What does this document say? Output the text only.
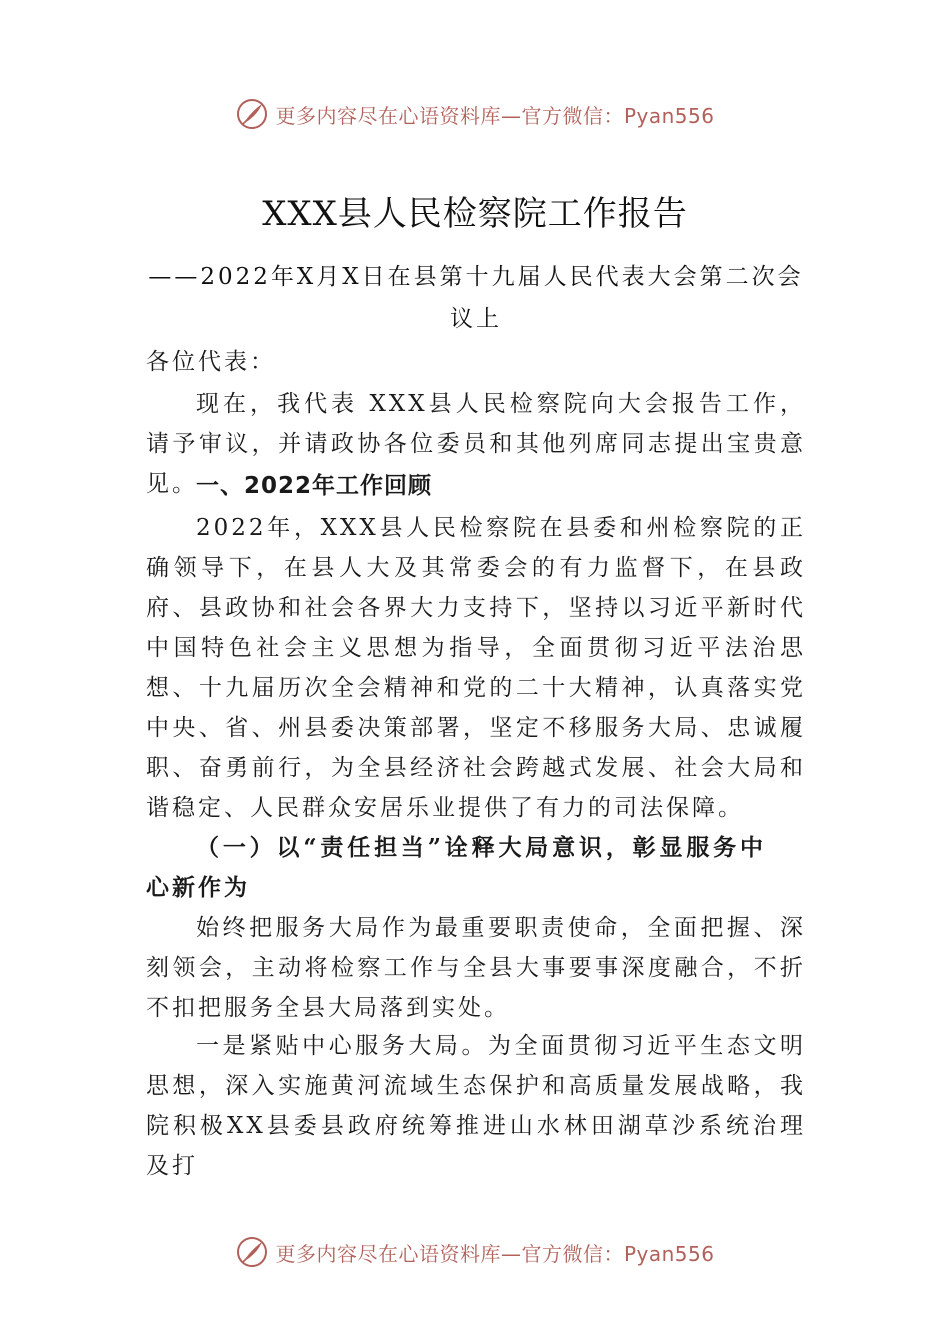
更多内容尽在心语资料库—官方微信：Pyan556
XXX县人民检察院工作报告
——2022年X月X日在县第十九届人民代表大会第二次会议上

各位代表：

现在，我代表 XXX县人民检察院向大会报告工作，请予审议，并请政协各位委员和其他列席同志提出宝贵意见。

一、2022年工作回顾

2022年，XXX县人民检察院在县委和州检察院的正确领导下，在县人大及其常委会的有力监督下，在县政府、县政协和社会各界大力支持下，坚持以习近平新时代中国特色社会主义思想为指导，全面贯彻习近平法治思想、十九届历次全会精神和党的二十大精神，认真落实党中央、省、州县委决策部署，坚定不移服务大局、忠诚履职、奋勇前行，为全县经济社会跨越式发展、社会大局和谐稳定、人民群众安居乐业提供了有力的司法保障。

（一）以“责任担当”诠释大局意识，彰显服务中心新作为

始终把服务大局作为最重要职责使命，全面把握、深刻领会，主动将检察工作与全县大事要事深度融合，不折不扣把服务全县大局落到实处。

一是紧贴中心服务大局。为全面贯彻习近平生态文明思想，深入实施黄河流域生态保护和高质量发展战略，我院积极XX县委县政府统筹推进山水林田湖草沙系统治理及打

更多内容尽在心语资料库—官方微信：Pyan556
